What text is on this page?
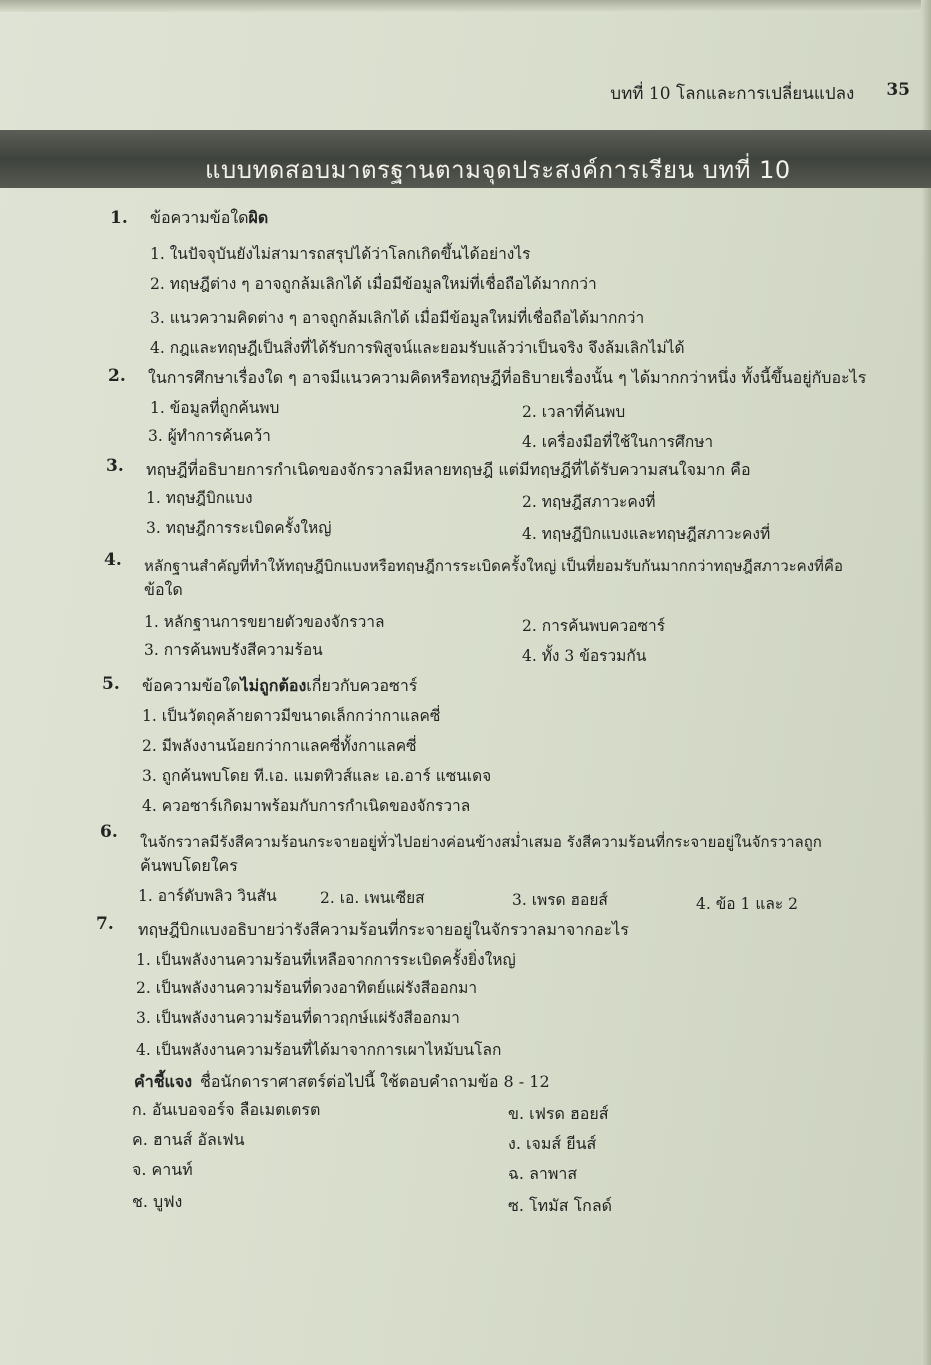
บทที่ 10 โลกและการเปลี่ยนแปลง 35
แบบทดสอบมาตรฐานตามจุดประสงค์การเรียน บทที่ 10
1. ข้อความข้อใดผิด
1. ในปัจจุบันยังไม่สามารถสรุปได้ว่าโลกเกิดขึ้นได้อย่างไร
2. ทฤษฎีต่าง ๆ อาจถูกล้มเลิกได้ เมื่อมีข้อมูลใหม่ที่เชื่อถือได้มากกว่า
3. แนวความคิดต่าง ๆ อาจถูกล้มเลิกได้ เมื่อมีข้อมูลใหม่ที่เชื่อถือได้มากกว่า
4. กฎและทฤษฎีเป็นสิ่งที่ได้รับการพิสูจน์และยอมรับแล้วว่าเป็นจริง จึงล้มเลิกไม่ได้
2. ในการศึกษาเรื่องใด ๆ อาจมีแนวความคิดหรือทฤษฎีที่อธิบายเรื่องนั้น ๆ ได้มากกว่าหนึ่ง ทั้งนี้ขึ้นอยู่กับอะไร
1. ข้อมูลที่ถูกค้นพบ	2. เวลาที่ค้นพบ
3. ผู้ทำการค้นคว้า	4. เครื่องมือที่ใช้ในการศึกษา
3. ทฤษฎีที่อธิบายการกำเนิดของจักรวาลมีหลายทฤษฎี แต่มีทฤษฎีที่ได้รับความสนใจมาก คือ
1. ทฤษฎีบิกแบง	2. ทฤษฎีสภาวะคงที่
3. ทฤษฎีการระเบิดครั้งใหญ่	4. ทฤษฎีบิกแบงและทฤษฎีสภาวะคงที่
4. หลักฐานสำคัญที่ทำให้ทฤษฎีบิกแบงหรือทฤษฎีการระเบิดครั้งใหญ่ เป็นที่ยอมรับกันมากกว่าทฤษฎีสภาวะคงที่คือ
ข้อใด
1. หลักฐานการขยายตัวของจักรวาล	2. การค้นพบควอซาร์
3. การค้นพบรังสีความร้อน	4. ทั้ง 3 ข้อรวมกัน
5. ข้อความข้อใดไม่ถูกต้องเกี่ยวกับควอซาร์
1. เป็นวัตถุคล้ายดาวมีขนาดเล็กกว่ากาแลคซี่
2. มีพลังงานน้อยกว่ากาแลคซี่ทั้งกาแลคซี่
3. ถูกค้นพบโดย ที.เอ. แมตทิวส์และ เอ.อาร์ แซนเดจ
4. ควอซาร์เกิดมาพร้อมกับการกำเนิดของจักรวาล
6. ในจักรวาลมีรังสีความร้อนกระจายอยู่ทั่วไปอย่างค่อนข้างสม่ำเสมอ รังสีความร้อนที่กระจายอยู่ในจักรวาลถูก
ค้นพบโดยใคร
1. อาร์ดับพลิว วินสัน	2. เอ. เพนเซียส	3. เพรด ฮอยส์	4. ข้อ 1 และ 2
7. ทฤษฎีบิกแบงอธิบายว่ารังสีความร้อนที่กระจายอยู่ในจักรวาลมาจากอะไร
1. เป็นพลังงานความร้อนที่เหลือจากการระเบิดครั้งยิ่งใหญ่
2. เป็นพลังงานความร้อนที่ดวงอาทิตย์แผ่รังสีออกมา
3. เป็นพลังงานความร้อนที่ดาวฤกษ์แผ่รังสีออกมา
4. เป็นพลังงานความร้อนที่ได้มาจากการเผาไหม้บนโลก
คำชี้แจง ชื่อนักดาราศาสตร์ต่อไปนี้ ใช้ตอบคำถามข้อ 8 - 12
ก. อันเบอจอร์จ ลือเมตเตรต	ข. เฟรด ฮอยส์
ค. ฮานส์ อัลเฟน	ง. เจมส์ ยีนส์
จ. คานท์	ฉ. ลาพาส
ช. บูฟง	ซ. โทมัส โกลด์
